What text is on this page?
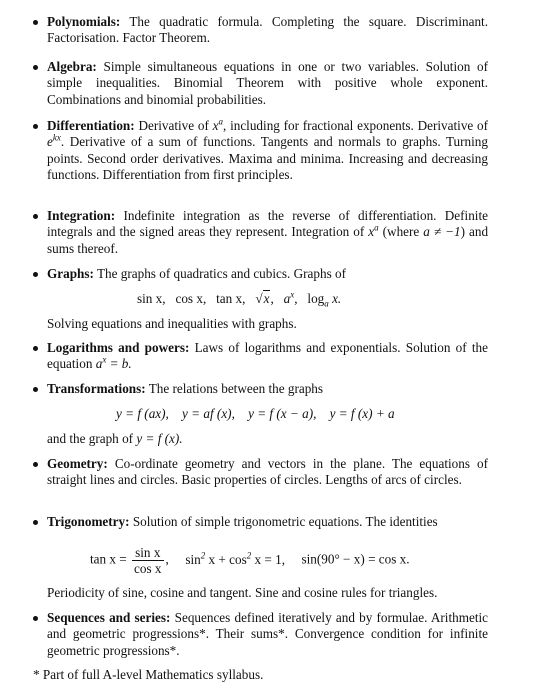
Polynomials: The quadratic formula. Completing the square. Discriminant. Factorisation. Factor Theorem.
Algebra: Simple simultaneous equations in one or two variables. Solution of simple inequalities. Binomial Theorem with positive whole exponent. Combinations and binomial probabilities.
Differentiation: Derivative of $x^a$, including for fractional exponents. Derivative of $e^{kx}$. Derivative of a sum of functions. Tangents and normals to graphs. Turning points. Second order derivatives. Maxima and minima. Increasing and decreasing functions. Differentiation from first principles.
Integration: Indefinite integration as the reverse of differentiation. Definite integrals and the signed areas they represent. Integration of $x^a$ (where a ≠ −1) and sums thereof.
Graphs: The graphs of quadratics and cubics. Graphs of
sin x, cos x, tan x, √x, $a^x$, $\log_a x$.
Solving equations and inequalities with graphs.
Logarithms and powers: Laws of logarithms and exponentials. Solution of the equation $a^x = b$.
Transformations: The relations between the graphs
y = f (ax), y = af (x), y = f (x − a), y = f (x) + a
and the graph of y = f (x).
Geometry: Co-ordinate geometry and vectors in the plane. The equations of straight lines and circles. Basic properties of circles. Lengths of arcs of circles.
Trigonometry: Solution of simple trigonometric equations. The identities
$\tan x = \frac{\text{sin x}}{\text{cos x}}$ , $\sin^2 x + \cos^2 x = 1$, sin(90° − x) = cos x.
Periodicity of sine, cosine and tangent. Sine and cosine rules for triangles.
Sequences and series: Sequences defined iteratively and by formulae. Arithmetic and geometric progressions*. Their sums*. Convergence condition for infinite geometric progressions*.
* Part of full A-level Mathematics syllabus.
